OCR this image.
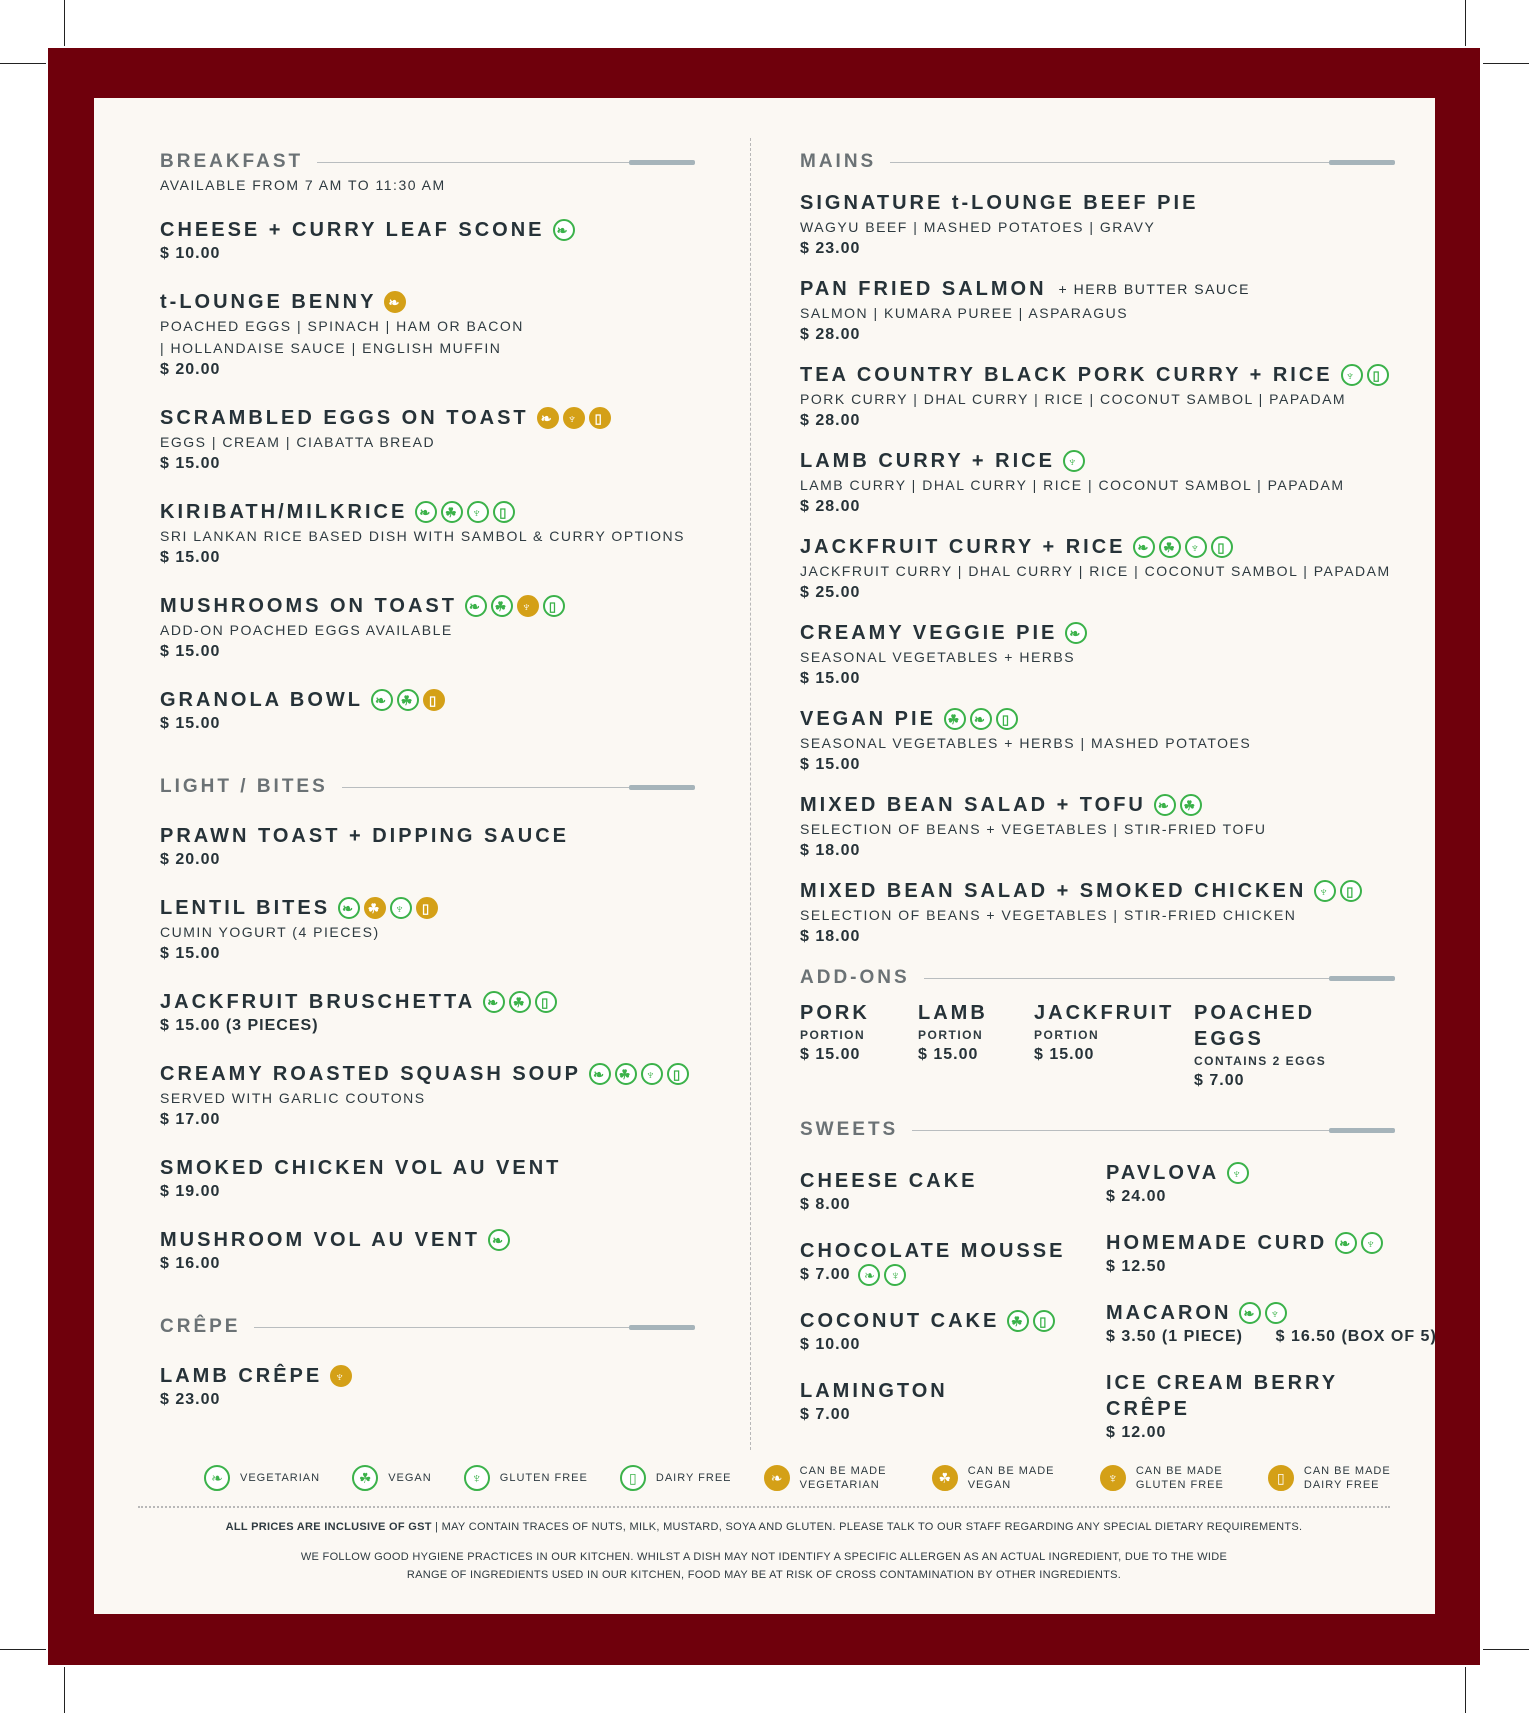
BREAKFAST
AVAILABLE FROM 7 AM TO 11:30 AM
CHEESE + CURRY LEAF SCONE ❧
$ 10.00
t-LOUNGE BENNY ❧
POACHED EGGS | SPINACH | HAM OR BACON
| HOLLANDAISE SAUCE | ENGLISH MUFFIN
$ 20.00
SCRAMBLED EGGS ON TOAST ❧ ♆	▯
EGGS | CREAM | CIABATTA BREAD
$ 15.00
KIRIBATH/MILKRICE ❧ ☘ ♆	▯
SRI LANKAN RICE BASED DISH WITH SAMBOL & CURRY OPTIONS
$ 15.00
MUSHROOMS ON TOAST ❧ ☘ ♆	▯
ADD-ON POACHED EGGS AVAILABLE
$ 15.00
GRANOLA BOWL ❧ ☘	▯
$ 15.00
LIGHT / BITES
PRAWN TOAST + DIPPING SAUCE
$ 20.00
LENTIL BITES ❧ ☘ ♆	▯
CUMIN YOGURT (4 PIECES)
$ 15.00
JACKFRUIT BRUSCHETTA ❧ ☘	▯
$ 15.00 (3 PIECES)
CREAMY ROASTED SQUASH SOUP ❧ ☘ ♆	▯
SERVED WITH GARLIC COUTONS
$ 17.00
SMOKED CHICKEN VOL AU VENT
$ 19.00
MUSHROOM VOL AU VENT ❧
$ 16.00
CRÊPE
LAMB CRÊPE ♆
$ 23.00
MAINS
SIGNATURE t-LOUNGE BEEF PIE
WAGYU BEEF | MASHED POTATOES | GRAVY
$ 23.00
PAN FRIED SALMON + HERB BUTTER SAUCE
SALMON | KUMARA PUREE | ASPARAGUS
$ 28.00
TEA COUNTRY BLACK PORK CURRY + RICE ♆	▯
PORK CURRY | DHAL CURRY | RICE | COCONUT SAMBOL | PAPADAM
$ 28.00
LAMB CURRY + RICE ♆
LAMB CURRY | DHAL CURRY | RICE | COCONUT SAMBOL | PAPADAM
$ 28.00
JACKFRUIT CURRY + RICE ❧ ☘ ♆	▯
JACKFRUIT CURRY | DHAL CURRY | RICE | COCONUT SAMBOL | PAPADAM
$ 25.00
CREAMY VEGGIE PIE ❧
SEASONAL VEGETABLES + HERBS
$ 15.00
VEGAN PIE ☘ ❧	▯
SEASONAL VEGETABLES + HERBS | MASHED POTATOES
$ 15.00
MIXED BEAN SALAD + TOFU ❧ ☘
SELECTION OF BEANS + VEGETABLES | STIR-FRIED TOFU
$ 18.00
MIXED BEAN SALAD + SMOKED CHICKEN ♆	▯
SELECTION OF BEANS + VEGETABLES | STIR-FRIED CHICKEN
$ 18.00
ADD-ONS
PORK
PORTION
$ 15.00
LAMB
PORTION
$ 15.00
JACKFRUIT
PORTION
$ 15.00
POACHED EGGS
CONTAINS 2 EGGS
$ 7.00
SWEETS
CHEESE CAKE
$ 8.00
PAVLOVA ♆
$ 24.00
CHOCOLATE MOUSSE
$ 7.00	❧	♆
HOMEMADE CURD ❧ ♆
$ 12.50
COCONUT CAKE ☘	▯
$ 10.00
MACARON ❧ ♆
$ 3.50 (1 PIECE)      $ 16.50 (BOX OF 5)
LAMINGTON
$ 7.00
ICE CREAM BERRY CRÊPE
$ 12.00
❧	VEGETARIAN	☘	VEGAN	♆	GLUTEN FREE	▯	DAIRY FREE	❧	CAN BE MADE VEGETARIAN	☘	CAN BE MADE VEGAN	♆	CAN BE MADE GLUTEN FREE	▯	CAN BE MADE DAIRY FREE
ALL PRICES ARE INCLUSIVE OF GST | MAY CONTAIN TRACES OF NUTS, MILK, MUSTARD, SOYA AND GLUTEN. PLEASE TALK TO OUR STAFF REGARDING ANY SPECIAL DIETARY REQUIREMENTS.
WE FOLLOW GOOD HYGIENE PRACTICES IN OUR KITCHEN. WHILST A DISH MAY NOT IDENTIFY A SPECIFIC ALLERGEN AS AN ACTUAL INGREDIENT, DUE TO THE WIDE
RANGE OF INGREDIENTS USED IN OUR KITCHEN, FOOD MAY BE AT RISK OF CROSS CONTAMINATION BY OTHER INGREDIENTS.
